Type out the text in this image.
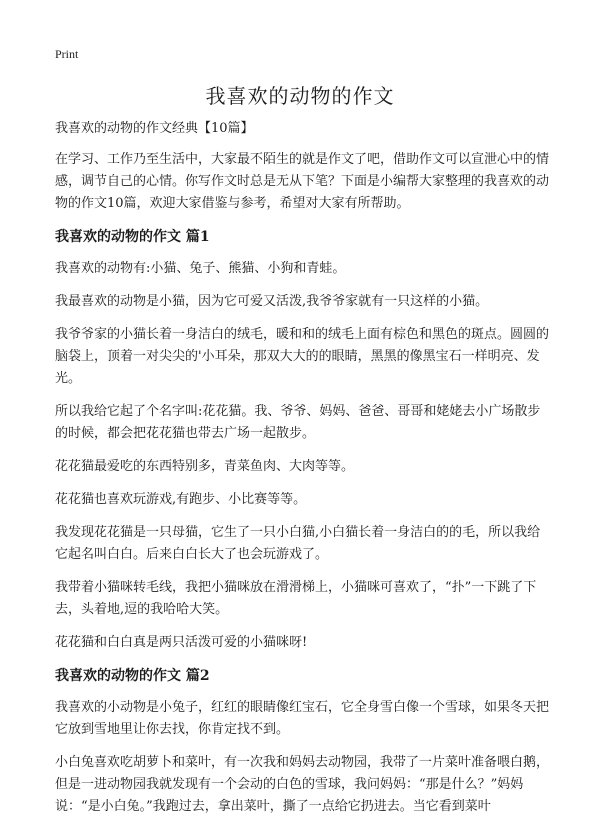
Print
我喜欢的动物的作文

我喜欢的动物的作文经典【10篇】

在学习、工作乃至生活中，大家最不陌生的就是作文了吧，借助作文可以宣泄心中的情感，调节自己的心情。你写作文时总是无从下笔？下面是小编帮大家整理的我喜欢的动物的作文10篇，欢迎大家借鉴与参考，希望对大家有所帮助。

我喜欢的动物的作文 篇1

我喜欢的动物有:小猫、兔子、熊猫、小狗和青蛙。

我最喜欢的动物是小猫，因为它可爱又活泼,我爷爷家就有一只这样的小猫。

我爷爷家的小猫长着一身洁白的绒毛，暖和和的绒毛上面有棕色和黑色的斑点。圆圆的脑袋上，顶着一对尖尖的'小耳朵，那双大大的的眼睛，黑黑的像黑宝石一样明亮、发光。

所以我给它起了个名字叫:花花猫。我、爷爷、妈妈、爸爸、哥哥和姥姥去小广场散步的时候，都会把花花猫也带去广场一起散步。

花花猫最爱吃的东西特别多，青菜鱼肉、大肉等等。

花花猫也喜欢玩游戏,有跑步、小比赛等等。

我发现花花猫是一只母猫，它生了一只小白猫,小白猫长着一身洁白的的毛，所以我给它起名叫白白。后来白白长大了也会玩游戏了。

我带着小猫咪转毛线，我把小猫咪放在滑滑梯上，小猫咪可喜欢了，“扑”一下跳了下去，头着地,逗的我哈哈大笑。

花花猫和白白真是两只活泼可爱的小猫咪呀!

我喜欢的动物的作文 篇2

我喜欢的小动物是小兔子，红红的眼睛像红宝石，它全身雪白像一个雪球，如果冬天把它放到雪地里让你去找，你肯定找不到。

小白兔喜欢吃胡萝卜和菜叶，有一次我和妈妈去动物园，我带了一片菜叶准备喂白鹅，但是一进动物园我就发现有一个会动的白色的雪球，我问妈妈：“那是什么？”妈妈说：“是小白兔。”我跑过去，拿出菜叶，撕了一点给它扔进去。当它看到菜叶
